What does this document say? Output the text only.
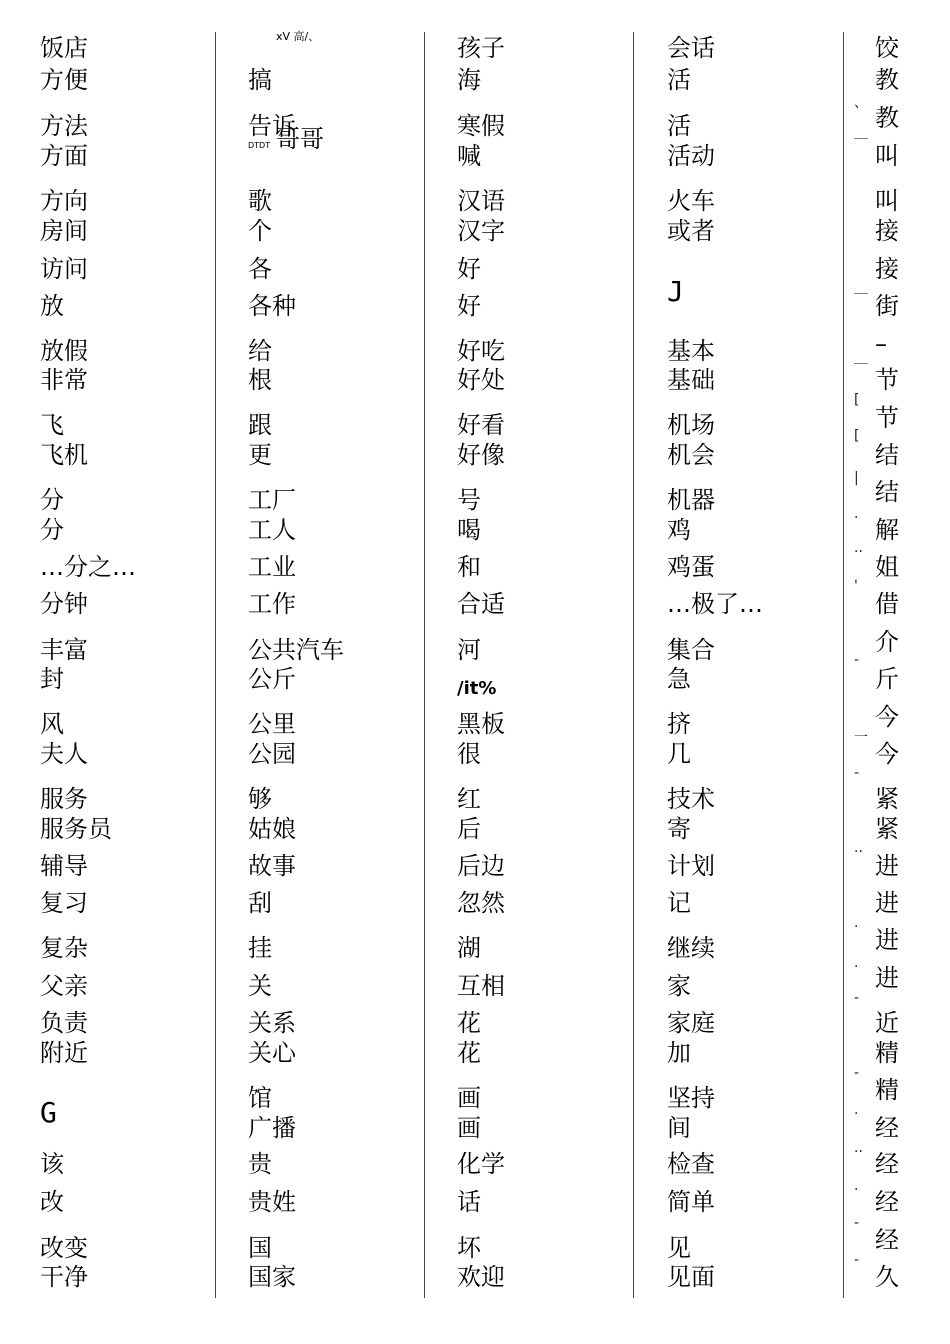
饭店
方便
方法
方面
方向
房间
访问
放
放假
非常
飞
飞机
分
分
…分之…
分钟
丰富
封
风
夫人
服务
服务员
辅导
复习
复杂
父亲
负责
附近
G
该
改
改变
干净
xV 高/、
搞
告诉
哥哥
DTDT
歌
个
各
各种
给
根
跟
更
工厂
工人
工业
工作
公共汽车
公斤
公里
公园
够
姑娘
故事
刮
挂
关
关系
关心
馆
广播
贵
贵姓
国
国家
孩子
海
寒假
喊
汉语
汉字
好
好
好吃
好处
好看
好像
号
喝
和
合适
河
/it%
黑板
很
红
后
后边
忽然
湖
互相
花
花
画
画
化学
话
坏
欢迎
会话
活
活
活动
火车
或者
J
基本
基础
机场
机会
机器
鸡
鸡蛋
…极了…
集合
急
挤
几
技术
寄
计划
记
继续
家
家庭
加
坚持
间
检查
简单
见
见面
饺
教
教
叫
叫
接
接
街
–
节
节
结
结
解
姐
借
介
斤
今
今
紧
紧
进
进
进
进
近
精
精
经
经
经
经
久
、
＿
＿
＿
[
[
|
.
..
'
-
一
-
..
.
.
-
-
.
..
.
-
-
